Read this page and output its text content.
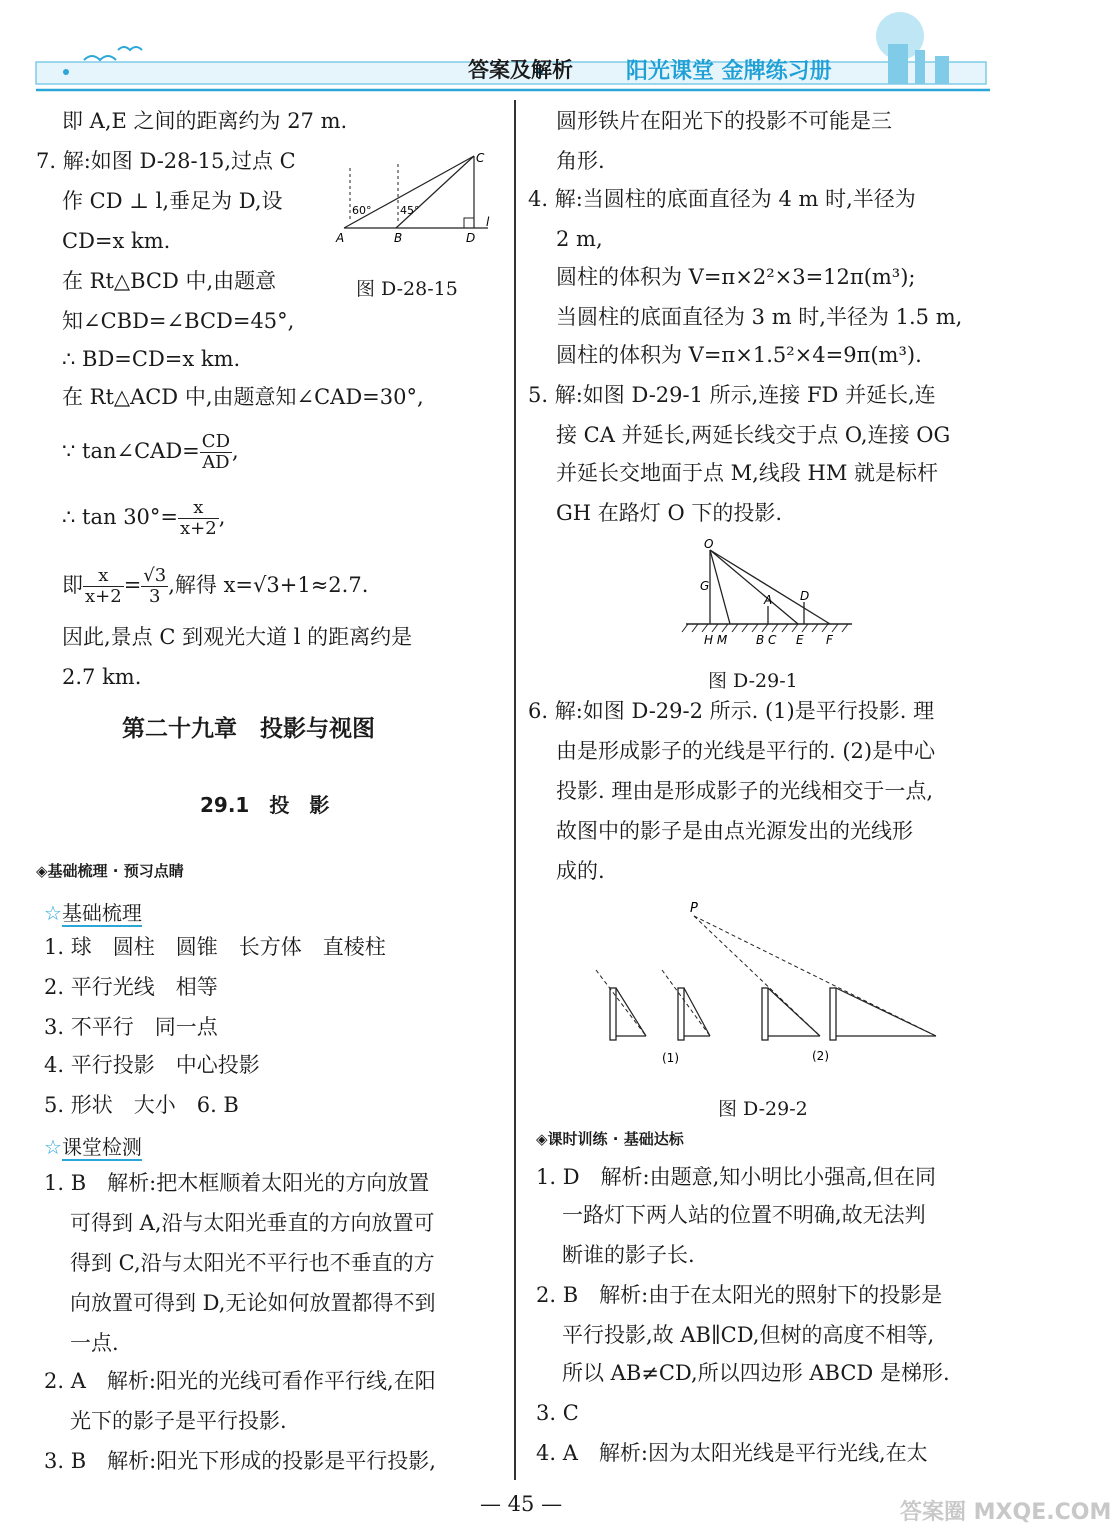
答案及解析 阳光课堂 金牌练习册
即 A,E 之间的距离约为 27 m.
7. 解:如图 D-28-15,过点 C
作 CD ⊥ l,垂足为 D,设
CD=x km.
在 Rt△BCD 中,由题意
知∠CBD=∠BCD=45°,
∴ BD=CD=x km.
在 Rt△ACD 中,由题意知∠CAD=30°,
∵ tan∠CAD= $\frac{CD}{AD}$ ,
∴ $\tan 30^\circ= \frac{x}{x+2}$ ,
即 $\frac{x}{x+2} = \frac{√3}{3}$ ,解得 x=√3+1≈2.7.
因此,景点 C 到观光大道 l 的距离约是
2.7 km.
A	B	D
C
l
60°	45°
图 D-28-15
第二十九章　投影与视图
29.1　投　影
◈基础梳理 · 预习点睛
☆基础梳理
1. 球　圆柱　圆锥　长方体　直棱柱
2. 平行光线　相等
3. 不平行　同一点
4. 平行投影　中心投影
5. 形状　大小　6. B
☆课堂检测
1. B　解析:把木框顺着太阳光的方向放置
可得到 A,沿与太阳光垂直的方向放置可
得到 C,沿与太阳光不平行也不垂直的方
向放置可得到 D,无论如何放置都得不到
一点.
2. A　解析:阳光的光线可看作平行线,在阳
光下的影子是平行投影.
3. B　解析:阳光下形成的投影是平行投影,
圆形铁片在阳光下的投影不可能是三
角形.
4. 解:当圆柱的底面直径为 4 m 时,半径为
2 m,
圆柱的体积为 V=π×2²×3=12π(m³);
当圆柱的底面直径为 3 m 时,半径为 1.5 m,
圆柱的体积为 V=π×1.5²×4=9π(m³).
5. 解:如图 D-29-1 所示,连接 FD 并延长,连
接 CA 并延长,两延长线交于点 O,连接 OG
并延长交地面于点 M,线段 HM 就是标杆
GH 在路灯 O 下的投影.
O
G
A D
H M B C E F
图 D-29-1
6. 解:如图 D-29-2 所示. (1)是平行投影. 理
由是形成影子的光线是平行的. (2)是中心
投影. 理由是形成影子的光线相交于一点,
故图中的影子是由点光源发出的光线形
成的.
P
(1)	(2)
图 D-29-2
◈课时训练 · 基础达标
1. D　解析:由题意,知小明比小强高,但在同
一路灯下两人站的位置不明确,故无法判
断谁的影子长.
2. B　解析:由于在太阳光的照射下的投影是
平行投影,故 AB∥CD,但树的高度不相等,
所以 AB≠CD,所以四边形 ABCD 是梯形.
3. C
4. A　解析:因为太阳光线是平行光线,在太
— 45 —	答案圈 MXQE.COM
